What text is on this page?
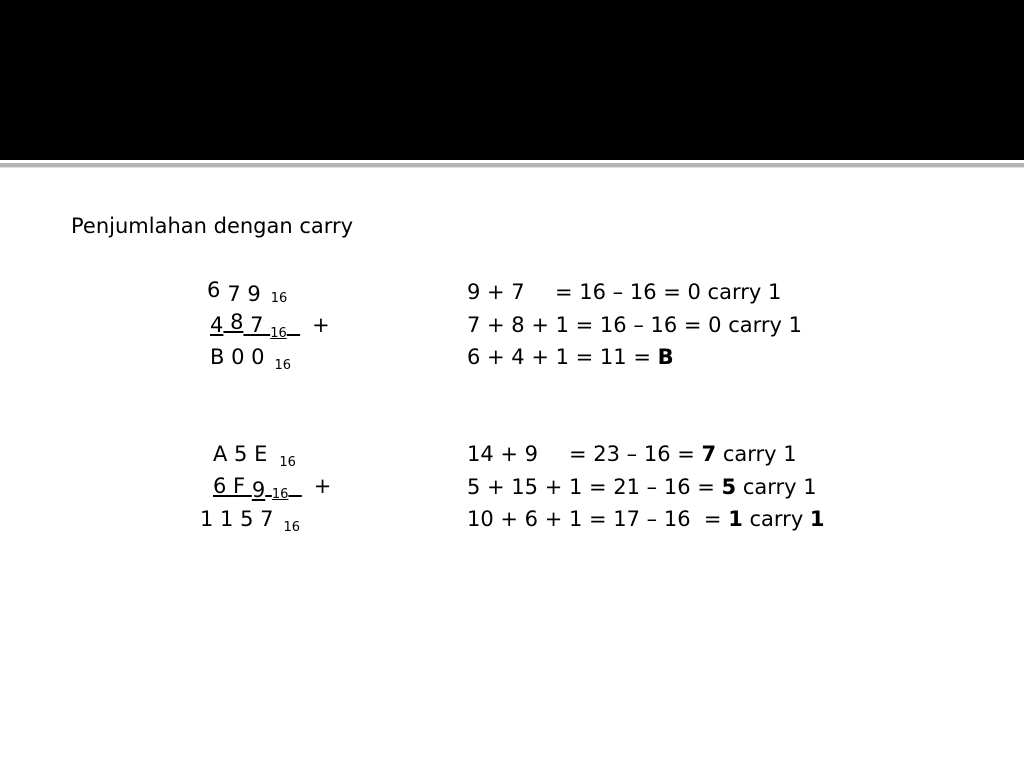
Penjumlahan dengan carry
6 7 9 $_{16}$
4 8 7 $_{16}$ +
B 0 0 $_{16}$
9 + 7 = 16 – 16 = 0 carry 1
7 + 8 + 1 = 16 – 16 = 0 carry 1
6 + 4 + 1 = 11 = B
A 5 E $_{16}$
6 F 9 $_{16}$ +
1 1 5 7 $_{16}$
14 + 9 = 23 – 16 = 7 carry 1
5 + 15 + 1 = 21 – 16 = 5 carry 1
10 + 6 + 1 = 17 – 16  = 1 carry 1
